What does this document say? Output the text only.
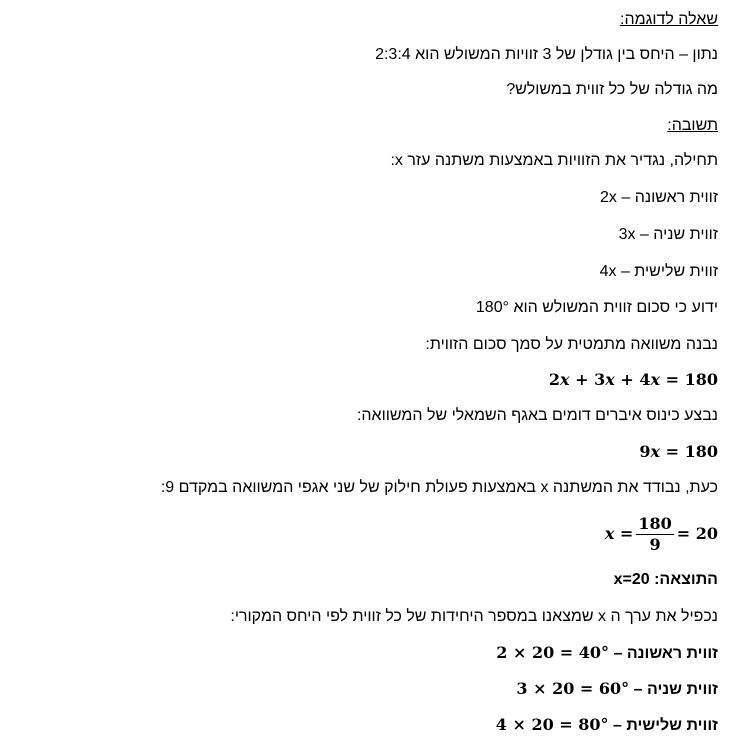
שאלה לדוגמה:
נתון – היחס בין גודלן של 3 זוויות המשולש הוא 2:3:4
מה גודלה של כל זווית במשולש?
תשובה:
תחילה, נגדיר את הזוויות באמצעות משתנה עזר x:
זווית ראשונה – 2x
זווית שניה – 3x
זווית שלישית – 4x
ידוע כי סכום זווית המשולש הוא 180°
נבנה משוואה מתמטית על סמך סכום הזווית:
2x + 3x + 4x = 180
נבצע כינוס איברים דומים באגף השמאלי של המשוואה:
9x = 180
כעת, נבודד את המשתנה x באמצעות פעולת חילוק של שני אגפי המשוואה במקדם 9:
$x = \frac{180}{9} = 20$
התוצאה: x=20
נכפיל את ערך ה x שמצאנו במספר היחידות של כל זווית לפי היחס המקורי:
זווית ראשונה – 2 × 20 = 40°
זווית שניה – 3 × 20 = 60°
זווית שלישית – 4 × 20 = 80°
